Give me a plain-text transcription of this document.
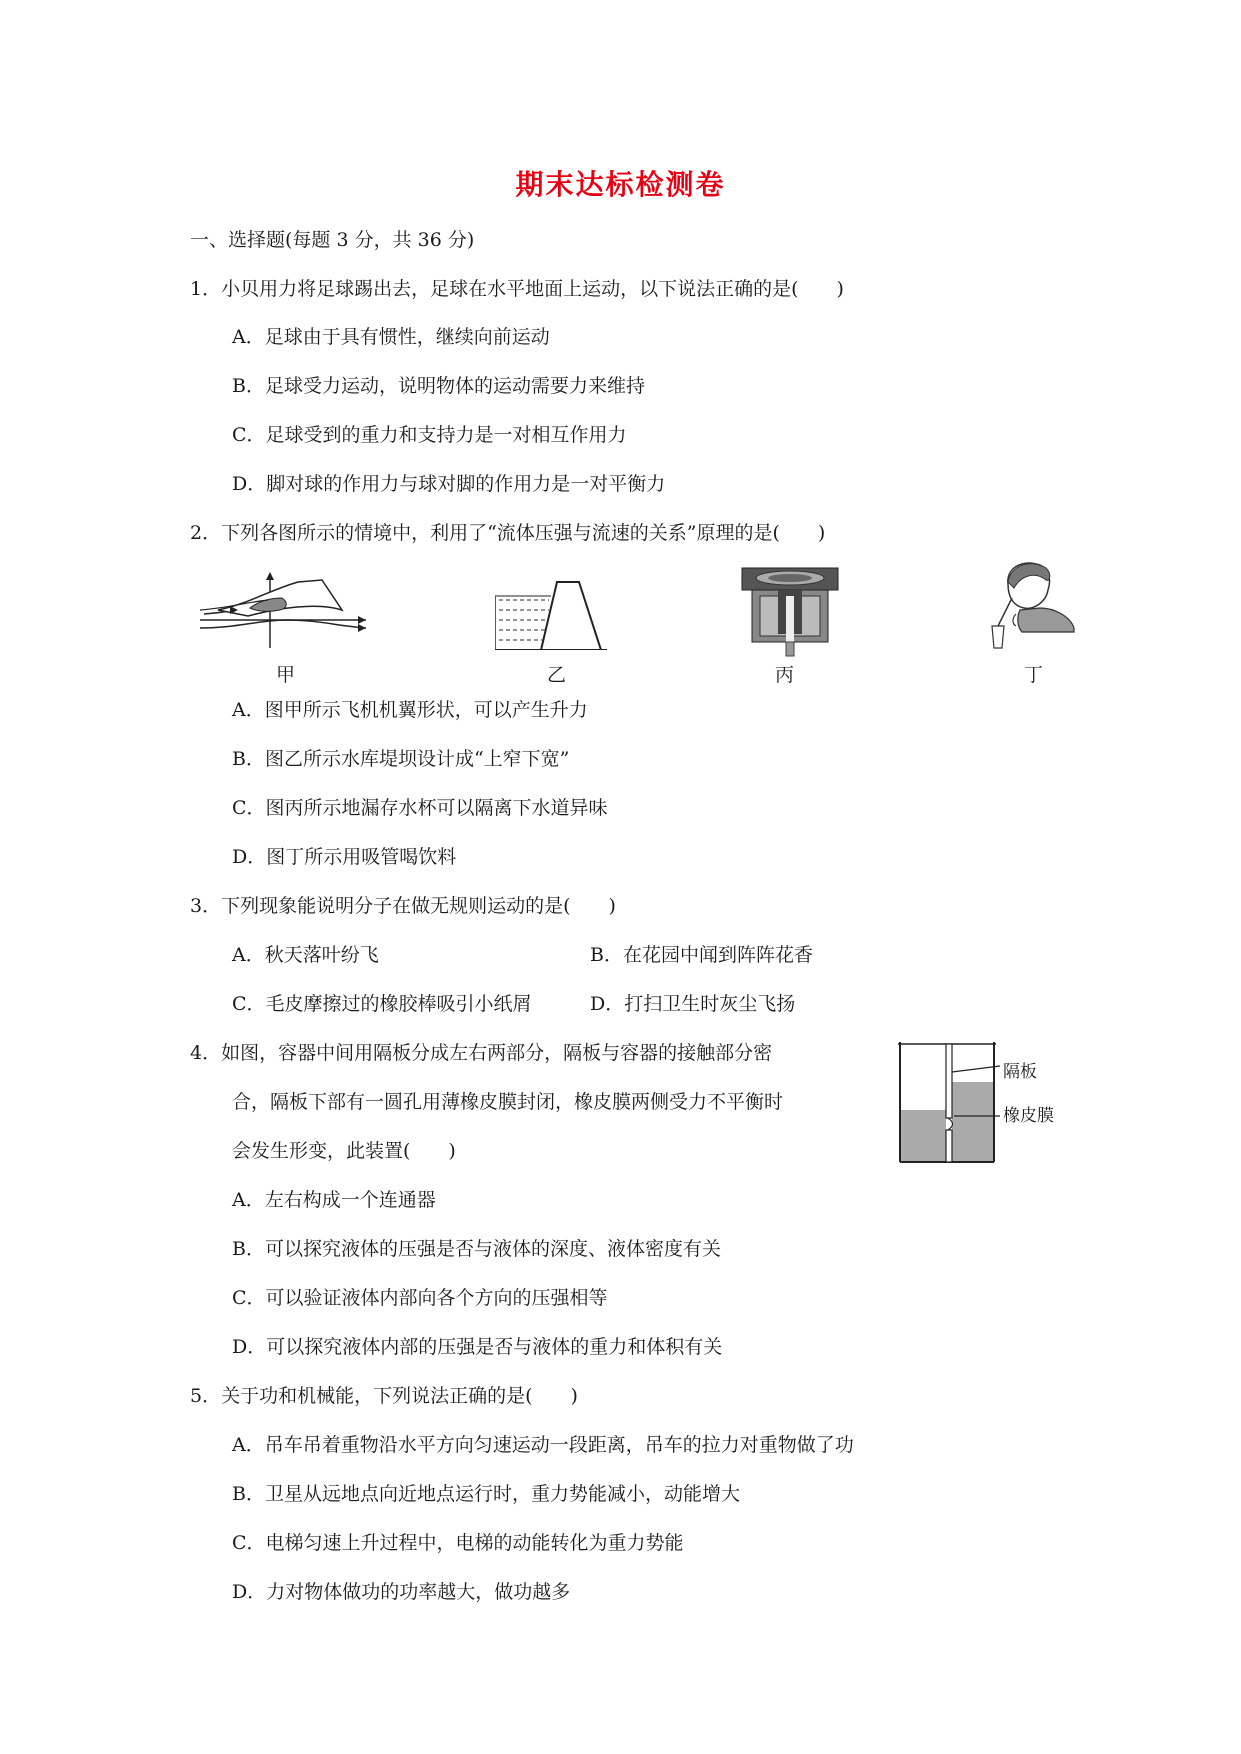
期末达标检测卷
一、选择题(每题 3 分，共 36 分)
1．小贝用力将足球踢出去，足球在水平地面上运动，以下说法正确的是(　　)
A．足球由于具有惯性，继续向前运动
B．足球受力运动，说明物体的运动需要力来维持
C．足球受到的重力和支持力是一对相互作用力
D．脚对球的作用力与球对脚的作用力是一对平衡力
2．下列各图所示的情境中，利用了“流体压强与流速的关系”原理的是(　　)
甲	乙	丙	丁
A．图甲所示飞机机翼形状，可以产生升力
B．图乙所示水库堤坝设计成“上窄下宽”
C．图丙所示地漏存水杯可以隔离下水道异味
D．图丁所示用吸管喝饮料
3．下列现象能说明分子在做无规则运动的是(　　)
A．秋天落叶纷飞	B．在花园中闻到阵阵花香
C．毛皮摩擦过的橡胶棒吸引小纸屑	D．打扫卫生时灰尘飞扬
4．如图，容器中间用隔板分成左右两部分，隔板与容器的接触部分密
合，隔板下部有一圆孔用薄橡皮膜封闭，橡皮膜两侧受力不平衡时
会发生形变，此装置(　　)
隔板
橡皮膜
A．左右构成一个连通器
B．可以探究液体的压强是否与液体的深度、液体密度有关
C．可以验证液体内部向各个方向的压强相等
D．可以探究液体内部的压强是否与液体的重力和体积有关
5．关于功和机械能，下列说法正确的是(　　)
A．吊车吊着重物沿水平方向匀速运动一段距离，吊车的拉力对重物做了功
B．卫星从远地点向近地点运行时，重力势能减小，动能增大
C．电梯匀速上升过程中，电梯的动能转化为重力势能
D．力对物体做功的功率越大，做功越多
